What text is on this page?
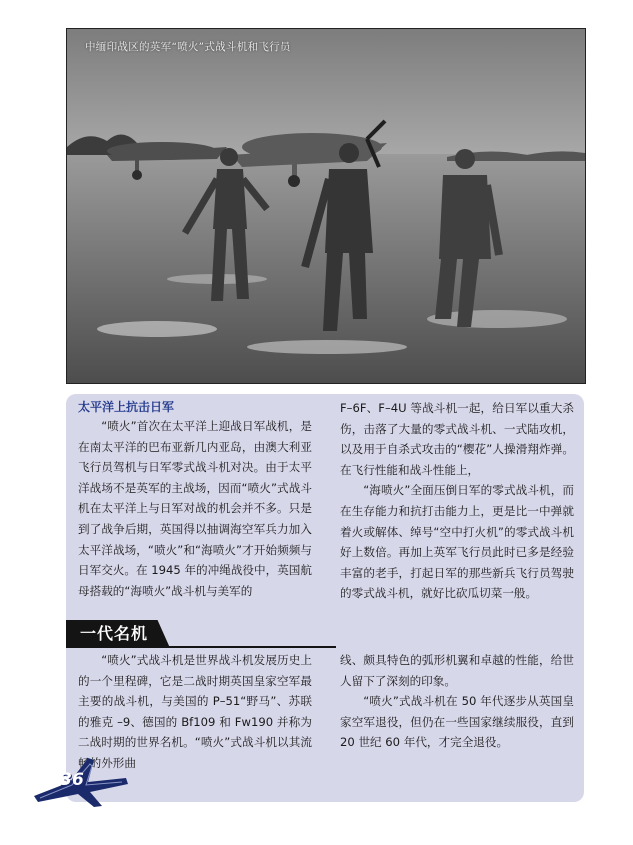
中缅印战区的英军“喷火”式战斗机和飞行员
太平洋上抗击日军

“喷火”首次在太平洋上迎战日军战机，是在南太平洋的巴布亚新几内亚岛，由澳大利亚飞行员驾机与日军零式战斗机对决。由于太平洋战场不是英军的主战场，因而“喷火”式战斗机在太平洋上与日军对战的机会并不多。只是到了战争后期，英国得以抽调海空军兵力加入太平洋战场，“喷火”和“海喷火”才开始频频与日军交火。在 1945 年的冲绳战役中，英国航母搭载的“海喷火”战斗机与美军的

F–6F、F–4U 等战斗机一起，给日军以重大杀伤，击落了大量的零式战斗机、一式陆攻机，以及用于自杀式攻击的“樱花”人操滑翔炸弹。在飞行性能和战斗性能上，

“海喷火”全面压倒日军的零式战斗机，而在生存能力和抗打击能力上，更是比一中弹就着火或解体、绰号“空中打火机”的零式战斗机好上数倍。再加上英军飞行员此时已多是经验丰富的老手，打起日军的那些新兵飞行员驾驶的零式战斗机，就好比砍瓜切菜一般。

一代名机

“喷火”式战斗机是世界战斗机发展历史上的一个里程碑，它是二战时期英国皇家空军最主要的战斗机，与美国的 P–51“野马”、苏联的雅克 –9、德国的 Bf109 和 Fw190 并称为二战时期的世界名机。“喷火”式战斗机以其流畅的外形曲

线、颇具特色的弧形机翼和卓越的性能，给世人留下了深刻的印象。

“喷火”式战斗机在 50 年代逐步从英国皇家空军退役，但仍在一些国家继续服役，直到 20 世纪 60 年代，才完全退役。

36
